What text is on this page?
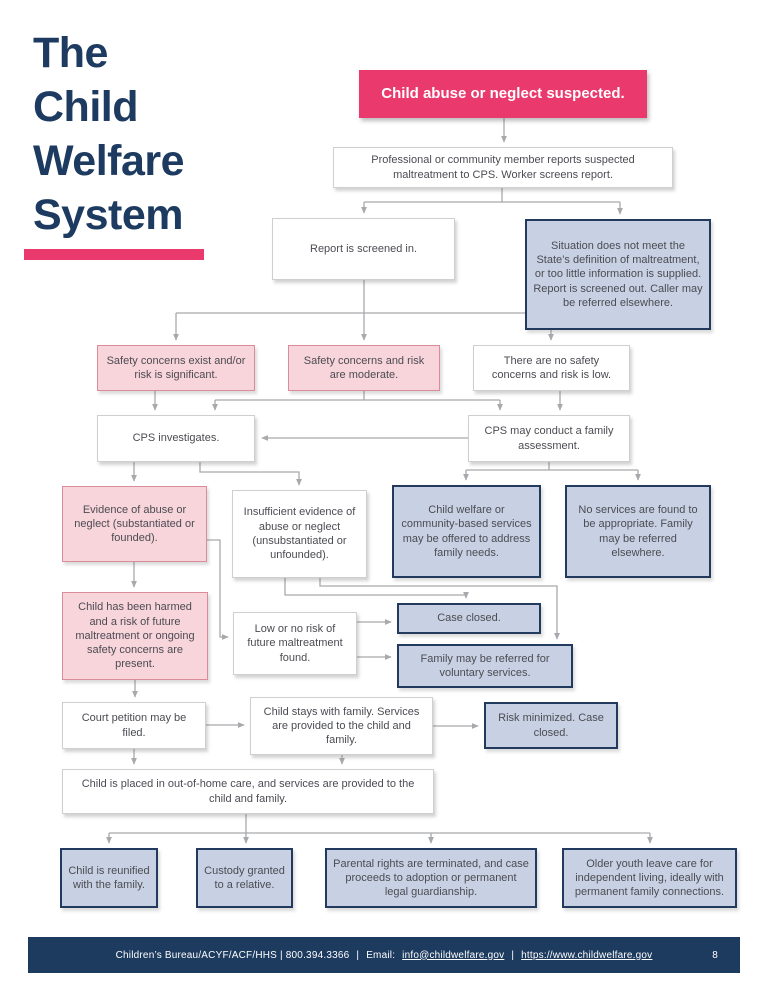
The
Child
Welfare
System
Child abuse or neglect suspected.
Professional or community member reports suspected maltreatment to CPS. Worker screens report.
Report is screened in.	Situation does not meet the State’s definition of maltreatment, or too little information is supplied. Report is screened out. Caller may be referred elsewhere.
Safety concerns exist and/or risk is significant.
Safety concerns and risk are moderate.
There are no safety concerns and risk is low.
CPS investigates.
CPS may conduct a family assessment.
Evidence of abuse or neglect (substantiated or founded).
Insufficient evidence of abuse or neglect (unsubstantiated or unfounded).
Child welfare or community-based services may be offered to address family needs.
No services are found to be appropriate. Family may be referred elsewhere.
Child has been harmed and a risk of future maltreatment or ongoing safety concerns are present.
Low or no risk of future maltreatment found.
Case closed.
Family may be referred for voluntary services.
Court petition may be filed.
Child stays with family. Services are provided to the child and family.
Risk minimized. Case closed.
Child is placed in out-of-home care, and services are provided to the child and family.
Child is reunified with the family.
Custody granted to a relative.
Parental rights are terminated, and case proceeds to adoption or permanent legal guardianship.
Older youth leave care for independent living, ideally with permanent family connections.
Children’s Bureau/ACYF/ACF/HHS | 800.394.3366 | Email: info@childwelfare.gov | https://www.childwelfare.gov	8
